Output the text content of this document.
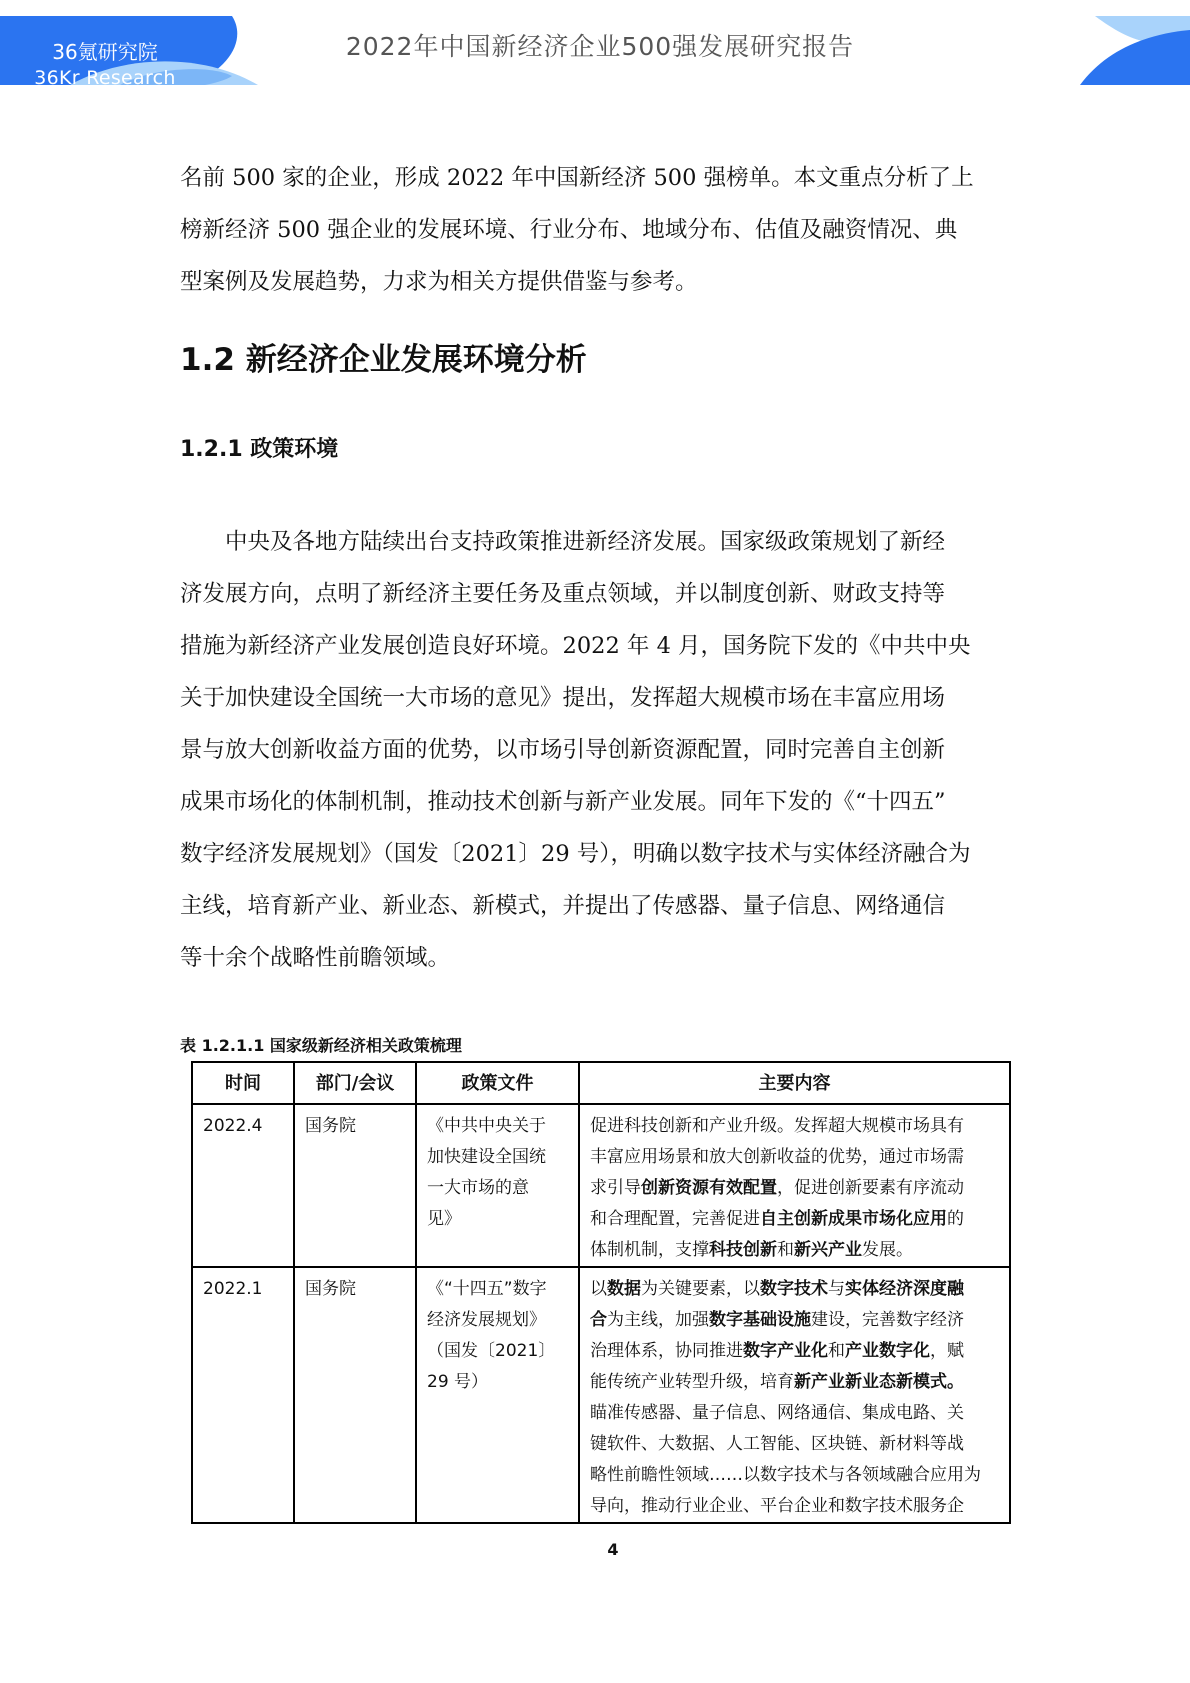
36氪研究院
36Kr Research
2022年中国新经济企业500强发展研究报告
名前 500 家的企业，形成 2022 年中国新经济 500 强榜单。本文重点分析了上
榜新经济 500 强企业的发展环境、行业分布、地域分布、估值及融资情况、典
型案例及发展趋势，力求为相关方提供借鉴与参考。
1.2 新经济企业发展环境分析
1.2.1 政策环境
　　中央及各地方陆续出台支持政策推进新经济发展。国家级政策规划了新经
济发展方向，点明了新经济主要任务及重点领域，并以制度创新、财政支持等
措施为新经济产业发展创造良好环境。2022 年 4 月，国务院下发的《中共中央
关于加快建设全国统一大市场的意见》提出，发挥超大规模市场在丰富应用场
景与放大创新收益方面的优势，以市场引导创新资源配置，同时完善自主创新
成果市场化的体制机制，推动技术创新与新产业发展。同年下发的《“十四五”
数字经济发展规划》（国发〔2021〕29 号），明确以数字技术与实体经济融合为
主线，培育新产业、新业态、新模式，并提出了传感器、量子信息、网络通信
等十余个战略性前瞻领域。
表 1.2.1.1 国家级新经济相关政策梳理
时间	部门/会议	政策文件	主要内容
2022.4	国务院	《中共中央关于
加快建设全国统
一大市场的意
见》	促进科技创新和产业升级。发挥超大规模市场具有
丰富应用场景和放大创新收益的优势，通过市场需
求引导创新资源有效配置，促进创新要素有序流动
和合理配置，完善促进自主创新成果市场化应用的
体制机制，支撑科技创新和新兴产业发展。

2022.1	国务院	《“十四五”数字
经济发展规划》
（国发〔2021〕
29 号）

以数据为关键要素，以数字技术与实体经济深度融
合为主线，加强数字基础设施建设，完善数字经济
治理体系，协同推进数字产业化和产业数字化，赋
能传统产业转型升级，培育新产业新业态新模式。
瞄准传感器、量子信息、网络通信、集成电路、关
键软件、大数据、人工智能、区块链、新材料等战
略性前瞻性领域……以数字技术与各领域融合应用为
导向，推动行业企业、平台企业和数字技术服务企
4
